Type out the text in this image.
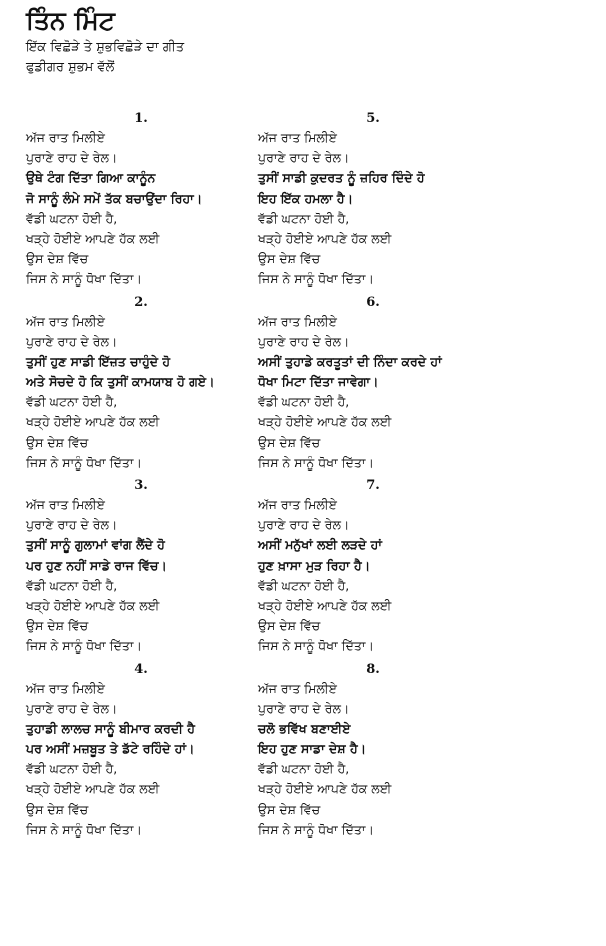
ਤਿੰਨ ਮਿੰਟ

ਇੱਕ ਵਿਛੋੜੇ ਤੇ ਸ਼ੁਭਵਿਛੋੜੇ ਦਾ ਗੀਤ

ਫੁਡੀਗਰ ਸ਼ੁਭਮ ਵੱਲੋਂ

1.
ਅੱਜ ਰਾਤ ਮਿਲੀਏ
ਪੁਰਾਣੇ ਰਾਹ ਦੇ ਰੇਲ।
ਉਥੇ ਟੰਗ ਦਿੱਤਾ ਗਿਆ ਕਾਨੂੰਨ
ਜੋ ਸਾਨੂੰ ਲੰਮੇ ਸਮੇਂ ਤੱਕ ਬਚਾਉਂਦਾ ਰਿਹਾ।
ਵੱਡੀ ਘਟਨਾ ਹੋਈ ਹੈ,
ਖੜ੍ਹੇ ਹੋਈਏ ਆਪਣੇ ਹੱਕ ਲਈ
ਉਸ ਦੇਸ਼ ਵਿੱਚ
ਜਿਸ ਨੇ ਸਾਨੂੰ ਧੋਖਾ ਦਿੱਤਾ।
5.
ਅੱਜ ਰਾਤ ਮਿਲੀਏ
ਪੁਰਾਣੇ ਰਾਹ ਦੇ ਰੇਲ।
ਤੁਸੀਂ ਸਾਡੀ ਕੁਦਰਤ ਨੂੰ ਜ਼ਹਿਰ ਦਿੰਦੇ ਹੋ
ਇਹ ਇੱਕ ਹਮਲਾ ਹੈ।
ਵੱਡੀ ਘਟਨਾ ਹੋਈ ਹੈ,
ਖੜ੍ਹੇ ਹੋਈਏ ਆਪਣੇ ਹੱਕ ਲਈ
ਉਸ ਦੇਸ਼ ਵਿੱਚ
ਜਿਸ ਨੇ ਸਾਨੂੰ ਧੋਖਾ ਦਿੱਤਾ।
2.
ਅੱਜ ਰਾਤ ਮਿਲੀਏ
ਪੁਰਾਣੇ ਰਾਹ ਦੇ ਰੇਲ।
ਤੁਸੀਂ ਹੁਣ ਸਾਡੀ ਇੱਜ਼ਤ ਚਾਹੁੰਦੇ ਹੋ
ਅਤੇ ਸੋਚਦੇ ਹੋ ਕਿ ਤੁਸੀਂ ਕਾਮਯਾਬ ਹੋ ਗਏ।
ਵੱਡੀ ਘਟਨਾ ਹੋਈ ਹੈ,
ਖੜ੍ਹੇ ਹੋਈਏ ਆਪਣੇ ਹੱਕ ਲਈ
ਉਸ ਦੇਸ਼ ਵਿੱਚ
ਜਿਸ ਨੇ ਸਾਨੂੰ ਧੋਖਾ ਦਿੱਤਾ।
6.
ਅੱਜ ਰਾਤ ਮਿਲੀਏ
ਪੁਰਾਣੇ ਰਾਹ ਦੇ ਰੇਲ।
ਅਸੀਂ ਤੁਹਾਡੇ ਕਰਤੂਤਾਂ ਦੀ ਨਿੰਦਾ ਕਰਦੇ ਹਾਂ
ਧੋਖਾ ਮਿਟਾ ਦਿੱਤਾ ਜਾਵੇਗਾ।
ਵੱਡੀ ਘਟਨਾ ਹੋਈ ਹੈ,
ਖੜ੍ਹੇ ਹੋਈਏ ਆਪਣੇ ਹੱਕ ਲਈ
ਉਸ ਦੇਸ਼ ਵਿੱਚ
ਜਿਸ ਨੇ ਸਾਨੂੰ ਧੋਖਾ ਦਿੱਤਾ।
3.
ਅੱਜ ਰਾਤ ਮਿਲੀਏ
ਪੁਰਾਣੇ ਰਾਹ ਦੇ ਰੇਲ।
ਤੁਸੀਂ ਸਾਨੂੰ ਗੁਲਾਮਾਂ ਵਾਂਗ ਲੈਂਦੇ ਹੋ
ਪਰ ਹੁਣ ਨਹੀਂ ਸਾਡੇ ਰਾਜ ਵਿੱਚ।
ਵੱਡੀ ਘਟਨਾ ਹੋਈ ਹੈ,
ਖੜ੍ਹੇ ਹੋਈਏ ਆਪਣੇ ਹੱਕ ਲਈ
ਉਸ ਦੇਸ਼ ਵਿੱਚ
ਜਿਸ ਨੇ ਸਾਨੂੰ ਧੋਖਾ ਦਿੱਤਾ।
7.
ਅੱਜ ਰਾਤ ਮਿਲੀਏ
ਪੁਰਾਣੇ ਰਾਹ ਦੇ ਰੇਲ।
ਅਸੀਂ ਮਨੁੱਖਾਂ ਲਈ ਲੜਦੇ ਹਾਂ
ਹੁਣ ਖ਼ਾਸਾ ਮੁੜ ਰਿਹਾ ਹੈ।
ਵੱਡੀ ਘਟਨਾ ਹੋਈ ਹੈ,
ਖੜ੍ਹੇ ਹੋਈਏ ਆਪਣੇ ਹੱਕ ਲਈ
ਉਸ ਦੇਸ਼ ਵਿੱਚ
ਜਿਸ ਨੇ ਸਾਨੂੰ ਧੋਖਾ ਦਿੱਤਾ।
4.
ਅੱਜ ਰਾਤ ਮਿਲੀਏ
ਪੁਰਾਣੇ ਰਾਹ ਦੇ ਰੇਲ।
ਤੁਹਾਡੀ ਲਾਲਚ ਸਾਨੂੰ ਬੀਮਾਰ ਕਰਦੀ ਹੈ
ਪਰ ਅਸੀਂ ਮਜ਼ਬੂਤ ਤੇ ਡੱਟੇ ਰਹਿੰਦੇ ਹਾਂ।
ਵੱਡੀ ਘਟਨਾ ਹੋਈ ਹੈ,
ਖੜ੍ਹੇ ਹੋਈਏ ਆਪਣੇ ਹੱਕ ਲਈ
ਉਸ ਦੇਸ਼ ਵਿੱਚ
ਜਿਸ ਨੇ ਸਾਨੂੰ ਧੋਖਾ ਦਿੱਤਾ।
8.
ਅੱਜ ਰਾਤ ਮਿਲੀਏ
ਪੁਰਾਣੇ ਰਾਹ ਦੇ ਰੇਲ।
ਚਲੋ ਭਵਿੱਖ ਬਣਾਈਏ
ਇਹ ਹੁਣ ਸਾਡਾ ਦੇਸ਼ ਹੈ।
ਵੱਡੀ ਘਟਨਾ ਹੋਈ ਹੈ,
ਖੜ੍ਹੇ ਹੋਈਏ ਆਪਣੇ ਹੱਕ ਲਈ
ਉਸ ਦੇਸ਼ ਵਿੱਚ
ਜਿਸ ਨੇ ਸਾਨੂੰ ਧੋਖਾ ਦਿੱਤਾ।
